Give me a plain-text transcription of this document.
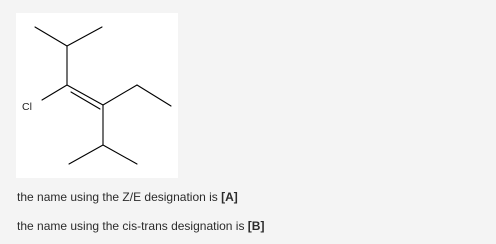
Cl
the name using the Z/E designation is [A]
the name using the cis-trans designation is [B]
